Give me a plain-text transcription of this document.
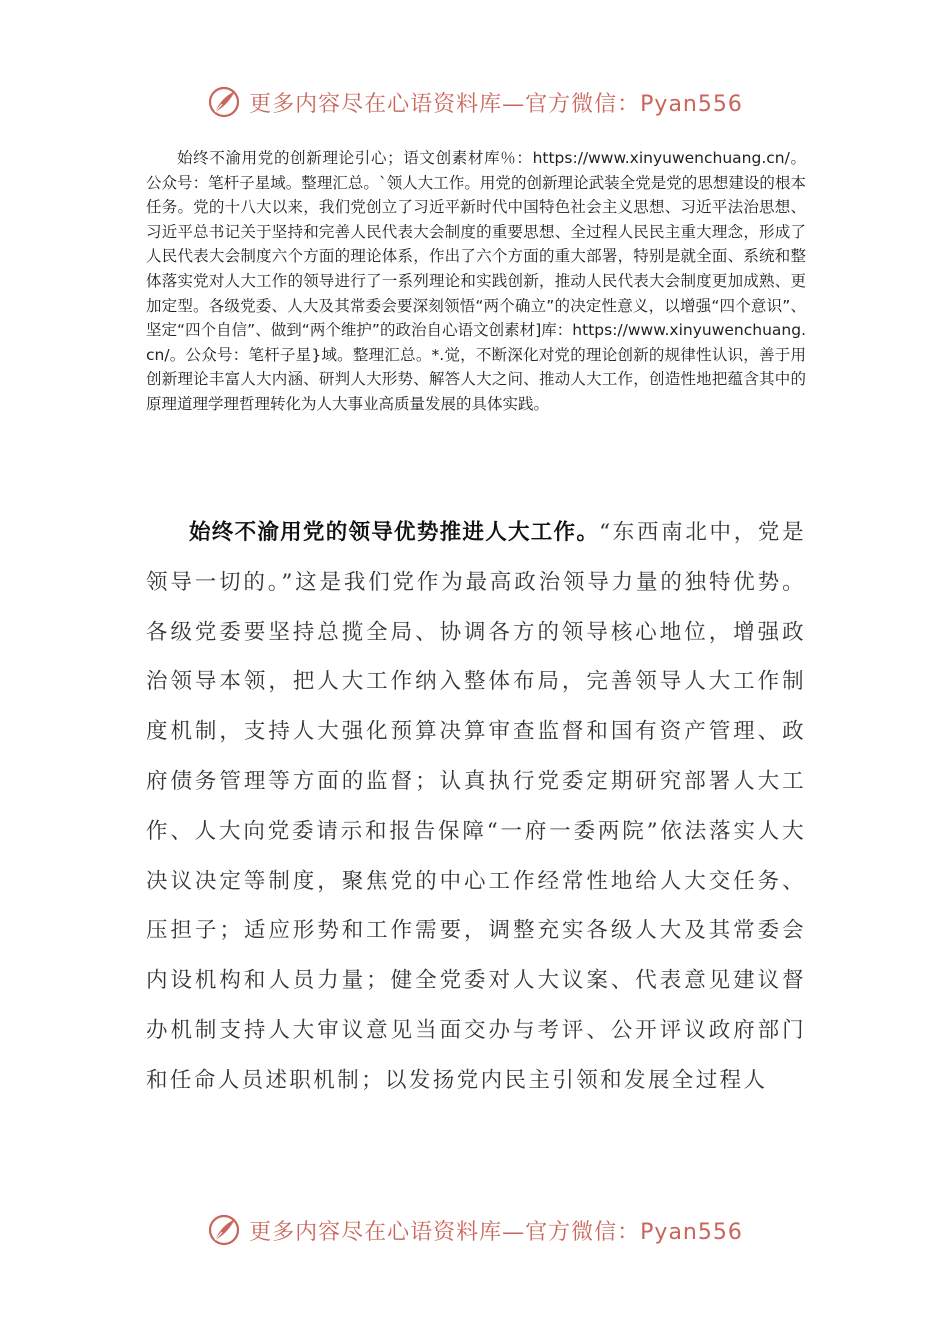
更多内容尽在心语资料库—官方微信：Pyan556

始终不渝用党的创新理论引心；语文创素材库％：https://www.xinyuwenchuang.cn/。公众号：笔杆子星域。整理汇总。`领人大工作。用党的创新理论武装全党是党的思想建设的根本任务。党的十八大以来，我们党创立了习近平新时代中国特色社会主义思想、习近平法治思想、习近平总书记关于坚持和完善人民代表大会制度的重要思想、全过程人民民主重大理念，形成了人民代表大会制度六个方面的理论体系，作出了六个方面的重大部署，特别是就全面、系统和整体落实党对人大工作的领导进行了一系列理论和实践创新，推动人民代表大会制度更加成熟、更加定型。各级党委、人大及其常委会要深刻领悟“两个确立”的决定性意义，以增强“四个意识”、坚定“四个自信”、做到“两个维护”的政治自心语文创素材]库：https://www.xinyuwenchuang.cn/。公众号：笔杆子星}域。整理汇总。*.觉，不断深化对党的理论创新的规律性认识，善于用创新理论丰富人大内涵、研判人大形势、解答人大之问、推动人大工作，创造性地把蕴含其中的原理道理学理哲理转化为人大事业高质量发展的具体实践。

始终不渝用党的领导优势推进人大工作。“东西南北中，党是领导一切的。”这是我们党作为最高政治领导力量的独特优势。各级党委要坚持总揽全局、协调各方的领导核心地位，增强政治领导本领，把人大工作纳入整体布局，完善领导人大工作制度机制，支持人大强化预算决算审查监督和国有资产管理、政府债务管理等方面的监督；认真执行党委定期研究部署人大工作、人大向党委请示和报告保障“一府一委两院”依法落实人大决议决定等制度，聚焦党的中心工作经常性地给人大交任务、压担子；适应形势和工作需要，调整充实各级人大及其常委会内设机构和人员力量；健全党委对人大议案、代表意见建议督办机制支持人大审议意见当面交办与考评、公开评议政府部门和任命人员述职机制；以发扬党内民主引领和发展全过程人

更多内容尽在心语资料库—官方微信：Pyan556
